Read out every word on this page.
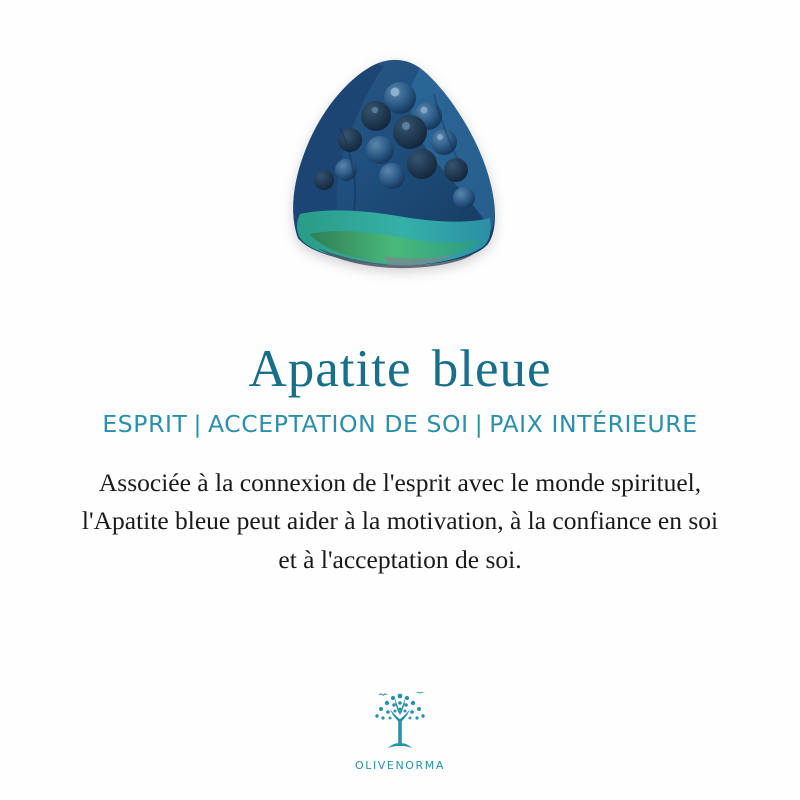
Apatite bleue
ESPRIT | ACCEPTATION DE SOI | PAIX INTÉRIEURE
Associée à la connexion de l'esprit avec le monde spirituel, l'Apatite bleue peut aider à la motivation, à la confiance en soi et à l'acceptation de soi.
OLIVENORMA
